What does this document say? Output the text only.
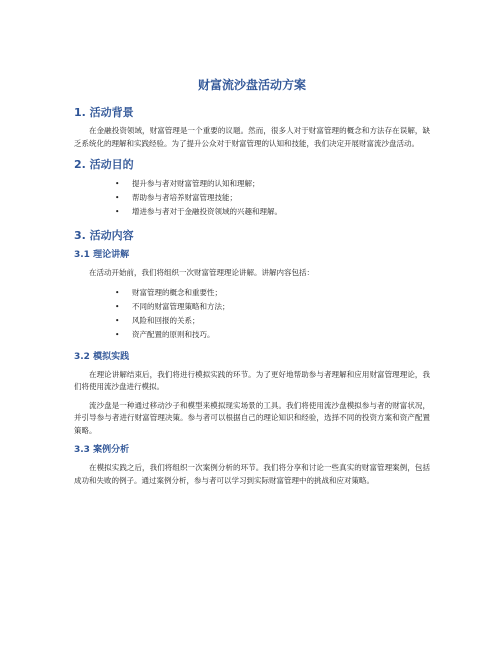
财富流沙盘活动方案
1. 活动背景

在金融投资领域，财富管理是一个重要的议题。然而，很多人对于财富管理的概念和方法存在误解，缺乏系统化的理解和实践经验。为了提升公众对于财富管理的认知和技能，我们决定开展财富流沙盘活动。

2. 活动目的
• 提升参与者对财富管理的认知和理解；
• 帮助参与者培养财富管理技能；
• 增进参与者对于金融投资领域的兴趣和理解。
3. 活动内容
3.1 理论讲解

在活动开始前，我们将组织一次财富管理理论讲解。讲解内容包括：

• 财富管理的概念和重要性；
• 不同的财富管理策略和方法；
• 风险和回报的关系；
• 资产配置的原则和技巧。
3.2 模拟实践

在理论讲解结束后，我们将进行模拟实践的环节。为了更好地帮助参与者理解和应用财富管理理论，我们将使用流沙盘进行模拟。

流沙盘是一种通过移动沙子和模型来模拟现实场景的工具。我们将使用流沙盘模拟参与者的财富状况，并引导参与者进行财富管理决策。参与者可以根据自己的理论知识和经验，选择不同的投资方案和资产配置策略。

3.3 案例分析

在模拟实践之后，我们将组织一次案例分析的环节。我们将分享和讨论一些真实的财富管理案例，包括成功和失败的例子。通过案例分析，参与者可以学习到实际财富管理中的挑战和应对策略。
